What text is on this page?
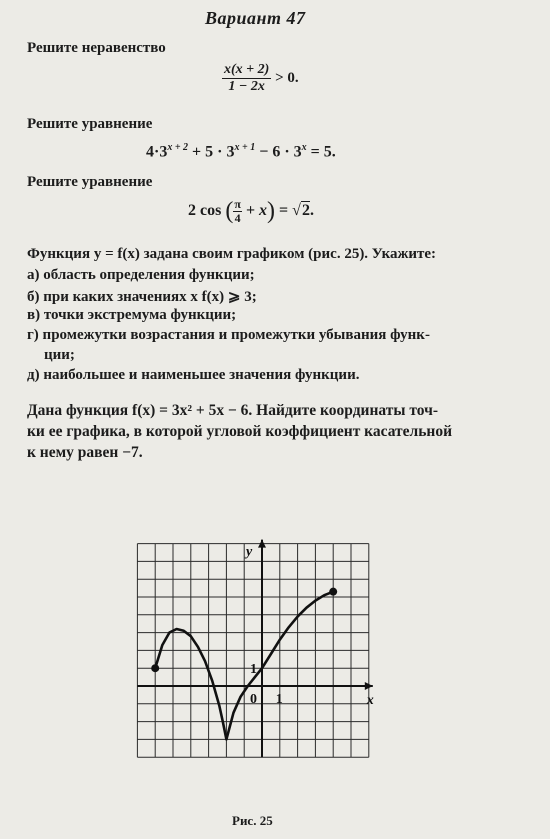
Вариант 47
Решите неравенство
$\frac{x(x + 2)}{1 - 2x} > 0$.
Решите уравнение
$4\cdot 3^{x + 2} + 5 \cdot 3^{x + 1} - 6 \cdot 3^x = 5$.
Решите уравнение
2 cos ( $\frac{\pi}{4} + x) = √2$.
Функция y = f(x) задана своим графиком (рис. 25). Укажите:
а) область определения функции;
б) при каких значениях x f(x) ⩾ 3;
в) точки экстремума функции;
г) промежутки возрастания и промежутки убывания функ-
ции;
д) наибольшее и наименьшее значения функции.
Дана функция f(x) = 3x² + 5x − 6. Найдите координаты точ-
ки ее графика, в которой угловой коэффициент касательной
к нему равен −7.
x
y
0 1
1
Рис. 25
